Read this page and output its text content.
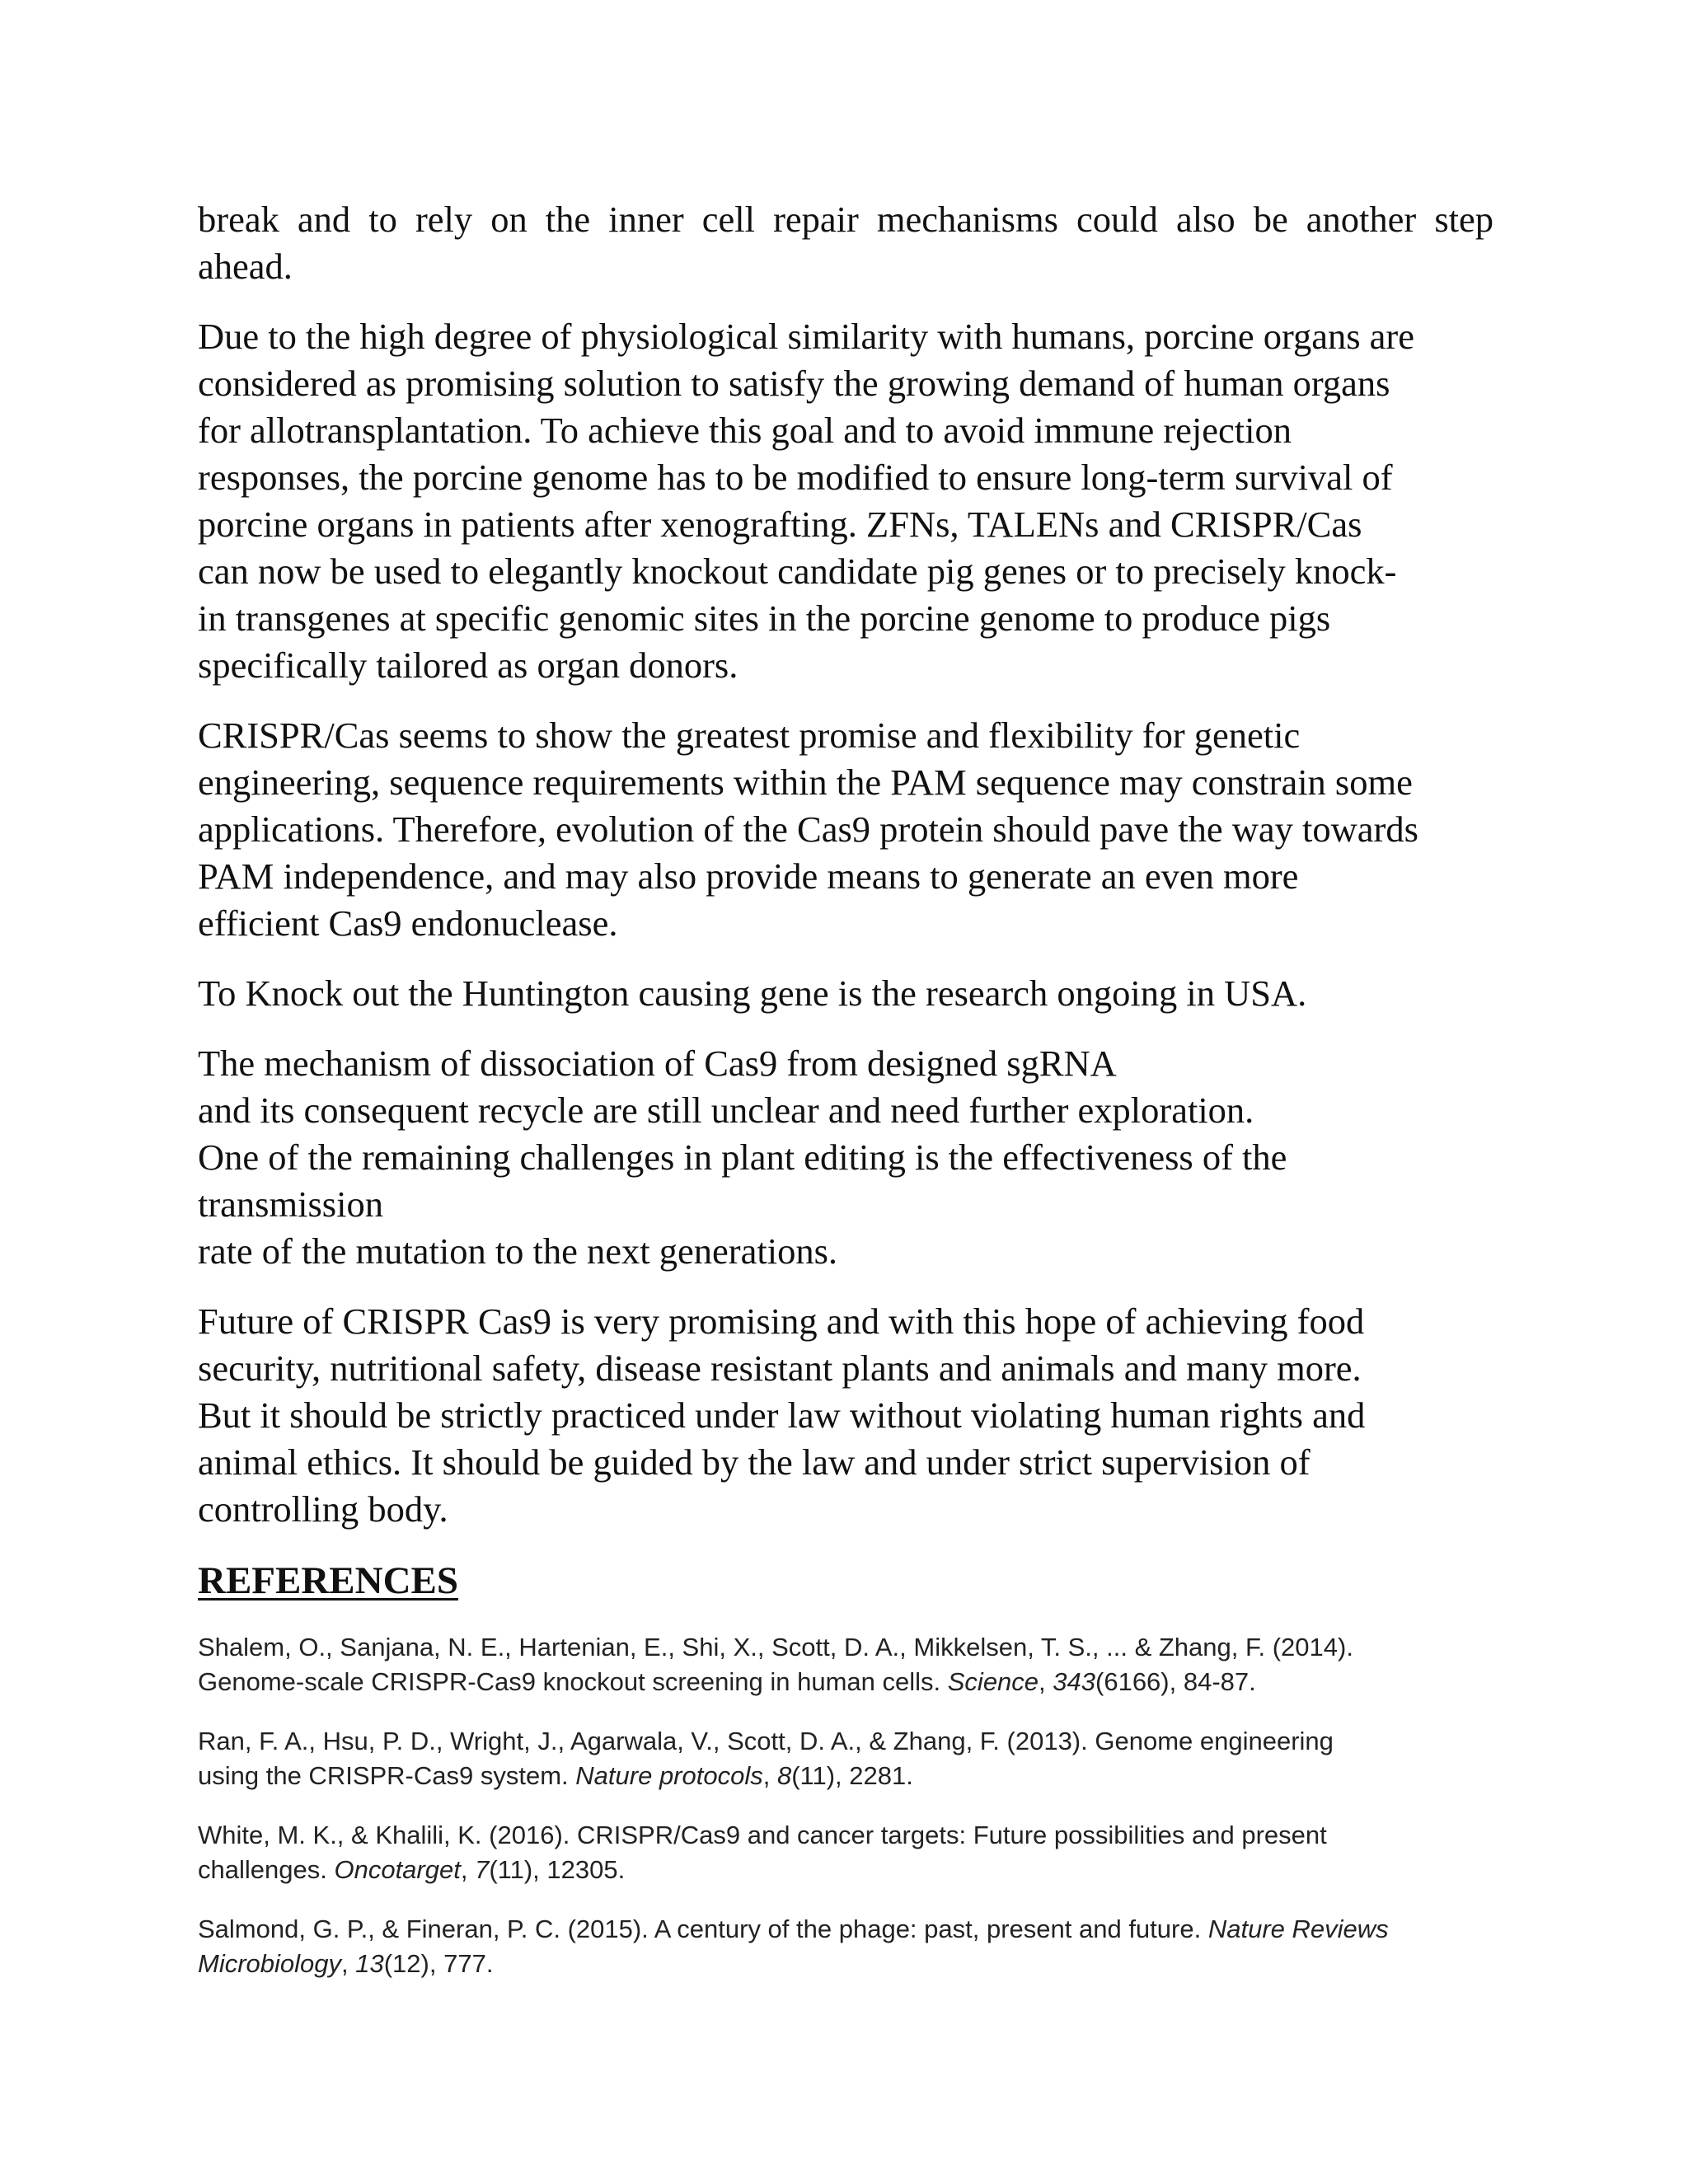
break and to rely on the inner cell repair mechanisms could also be another step
ahead.

Due to the high degree of physiological similarity with humans, porcine organs are
considered as promising solution to satisfy the growing demand of human organs
for allotransplantation. To achieve this goal and to avoid immune rejection
responses, the porcine genome has to be modified to ensure long-term survival of
porcine organs in patients after xenografting. ZFNs, TALENs and CRISPR/Cas
can now be used to elegantly knockout candidate pig genes or to precisely knock-
in transgenes at specific genomic sites in the porcine genome to produce pigs
specifically tailored as organ donors.

CRISPR/Cas seems to show the greatest promise and flexibility for genetic
engineering, sequence requirements within the PAM sequence may constrain some
applications. Therefore, evolution of the Cas9 protein should pave the way towards
PAM independence, and may also provide means to generate an even more
efficient Cas9 endonuclease.

To Knock out the Huntington causing gene is the research ongoing in USA.

The mechanism of dissociation of Cas9 from designed sgRNA
and its consequent recycle are still unclear and need further exploration.
One of the remaining challenges in plant editing is the effectiveness of the
transmission
rate of the mutation to the next generations.

Future of CRISPR Cas9 is very promising and with this hope of achieving food
security, nutritional safety, disease resistant plants and animals and many more.
But it should be strictly practiced under law without violating human rights and
animal ethics. It should be guided by the law and under strict supervision of
controlling body.

REFERENCES
Shalem, O., Sanjana, N. E., Hartenian, E., Shi, X., Scott, D. A., Mikkelsen, T. S., ... & Zhang, F. (2014).
Genome-scale CRISPR-Cas9 knockout screening in human cells. Science, 343(6166), 84-87.
Ran, F. A., Hsu, P. D., Wright, J., Agarwala, V., Scott, D. A., & Zhang, F. (2013). Genome engineering
using the CRISPR-Cas9 system. Nature protocols, 8(11), 2281.
White, M. K., & Khalili, K. (2016). CRISPR/Cas9 and cancer targets: Future possibilities and present
challenges. Oncotarget, 7(11), 12305.
Salmond, G. P., & Fineran, P. C. (2015). A century of the phage: past, present and future. Nature Reviews Microbiology, 13(12), 777.
